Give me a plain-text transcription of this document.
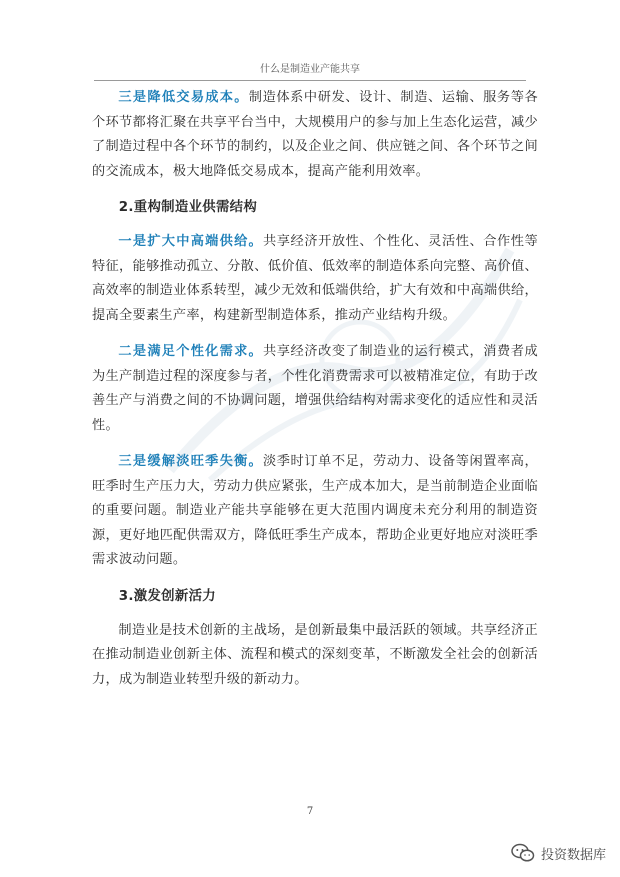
什么是制造业产能共享

三是降低交易成本。制造体系中研发、设计、制造、运输、服务等各个环节都将汇聚在共享平台当中，大规模用户的参与加上生态化运营，减少了制造过程中各个环节的制约，以及企业之间、供应链之间、各个环节之间的交流成本，极大地降低交易成本，提高产能利用效率。

2.重构制造业供需结构

一是扩大中高端供给。共享经济开放性、个性化、灵活性、合作性等特征，能够推动孤立、分散、低价值、低效率的制造体系向完整、高价值、高效率的制造业体系转型，减少无效和低端供给，扩大有效和中高端供给，提高全要素生产率，构建新型制造体系，推动产业结构升级。

二是满足个性化需求。共享经济改变了制造业的运行模式，消费者成为生产制造过程的深度参与者，个性化消费需求可以被精准定位，有助于改善生产与消费之间的不协调问题，增强供给结构对需求变化的适应性和灵活性。

三是缓解淡旺季失衡。淡季时订单不足，劳动力、设备等闲置率高，旺季时生产压力大，劳动力供应紧张，生产成本加大，是当前制造企业面临的重要问题。制造业产能共享能够在更大范围内调度未充分利用的制造资源，更好地匹配供需双方，降低旺季生产成本，帮助企业更好地应对淡旺季需求波动问题。

3.激发创新活力

制造业是技术创新的主战场，是创新最集中最活跃的领域。共享经济正在推动制造业创新主体、流程和模式的深刻变革，不断激发全社会的创新活力，成为制造业转型升级的新动力。

7
投资数据库
